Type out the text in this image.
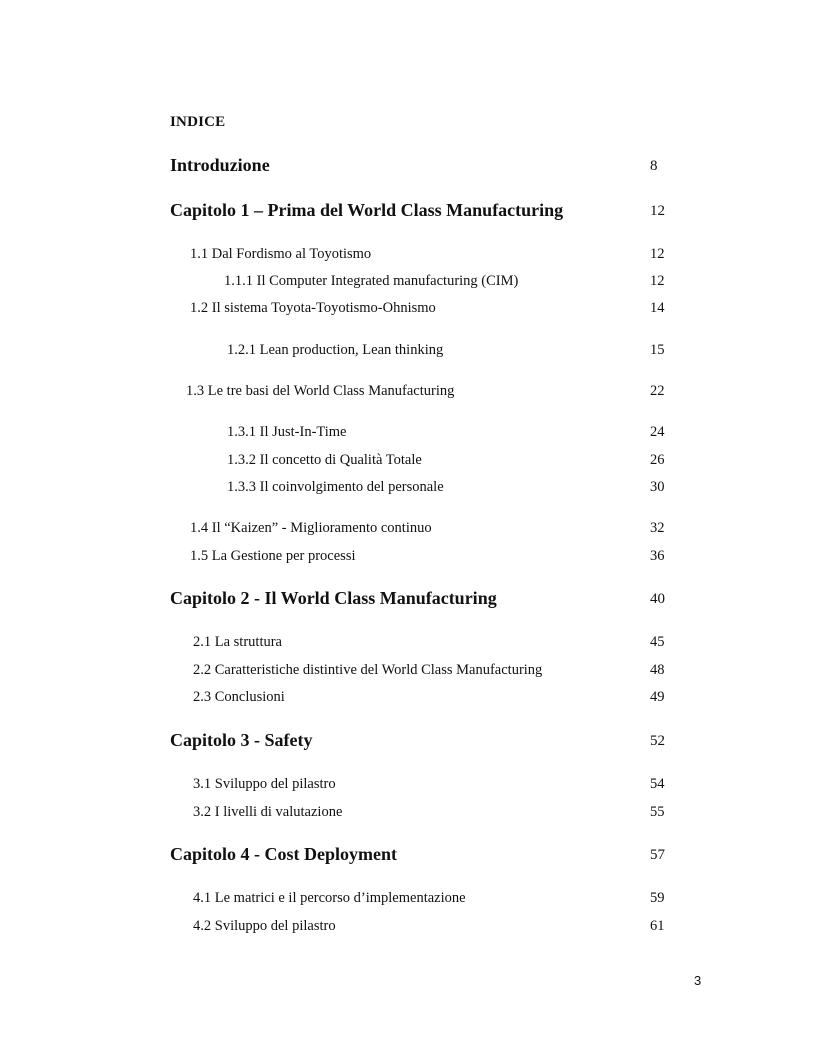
INDICE
Introduzione	8
Capitolo 1 – Prima del World Class Manufacturing	12
1.1 Dal Fordismo al Toyotismo	12
1.1.1 Il Computer Integrated manufacturing (CIM)	12
1.2 Il sistema Toyota-Toyotismo-Ohnismo	14
1.2.1 Lean production, Lean thinking	15
1.3 Le tre basi del World Class Manufacturing	22
1.3.1 Il Just-In-Time	24
1.3.2 Il concetto di Qualità Totale	26
1.3.3 Il coinvolgimento del personale	30
1.4 Il “Kaizen” - Miglioramento continuo	32
1.5 La Gestione per processi	36
Capitolo 2 - Il World Class Manufacturing	40
2.1 La struttura	45
2.2 Caratteristiche distintive del World Class Manufacturing	48
2.3 Conclusioni	49
Capitolo 3 - Safety	52
3.1 Sviluppo del pilastro	54
3.2 I livelli di valutazione	55
Capitolo 4 - Cost Deployment	57
4.1 Le matrici e il percorso d’implementazione	59
4.2 Sviluppo del pilastro	61
3
